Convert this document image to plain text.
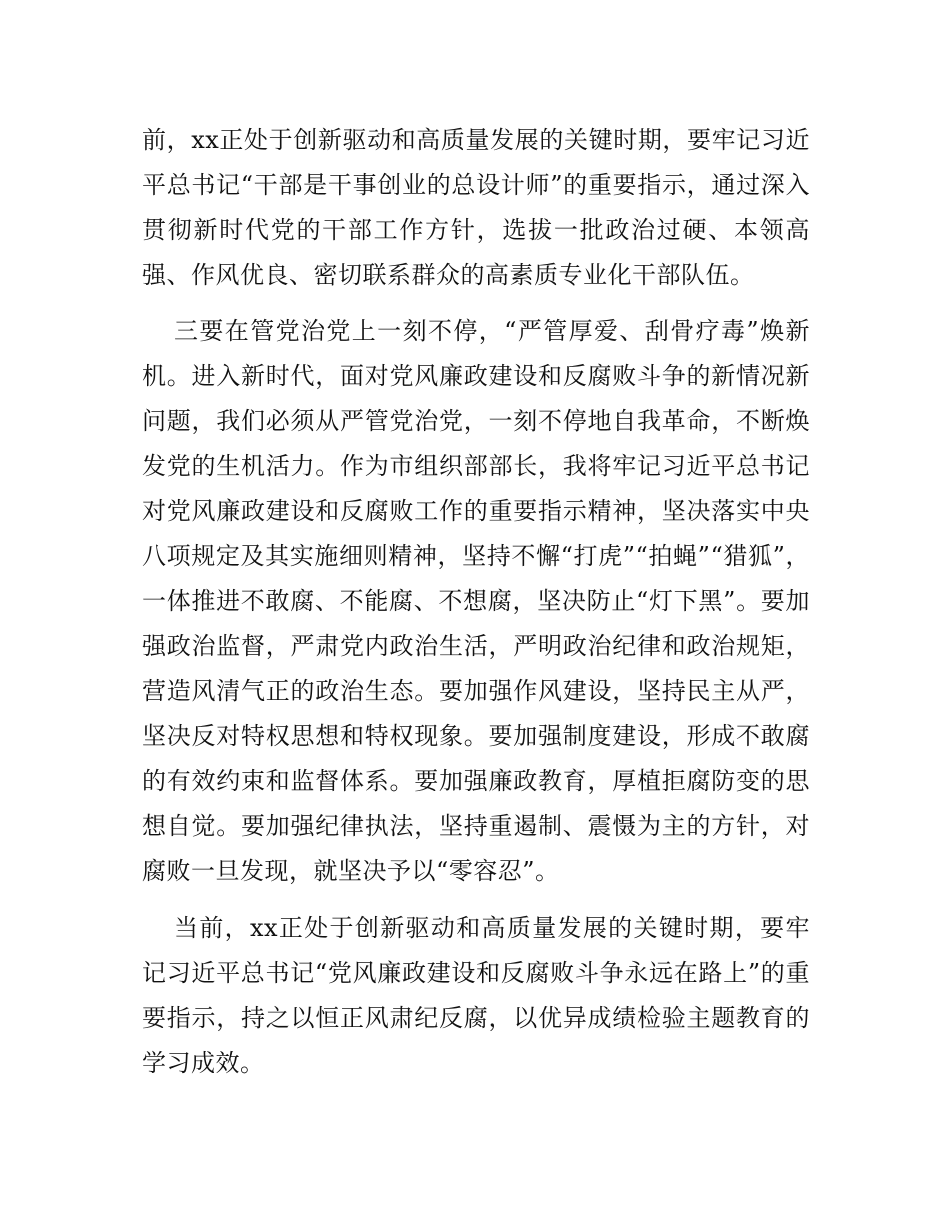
前，xx正处于创新驱动和高质量发展的关键时期，要牢记习近平总书记“干部是干事创业的总设计师”的重要指示，通过深入贯彻新时代党的干部工作方针，选拔一批政治过硬、本领高强、作风优良、密切联系群众的高素质专业化干部队伍。

三要在管党治党上一刻不停，“严管厚爱、刮骨疗毒”焕新机。进入新时代，面对党风廉政建设和反腐败斗争的新情况新问题，我们必须从严管党治党，一刻不停地自我革命，不断焕发党的生机活力。作为市组织部部长，我将牢记习近平总书记对党风廉政建设和反腐败工作的重要指示精神，坚决落实中央八项规定及其实施细则精神，坚持不懈“打虎”“拍蝇”“猎狐”，一体推进不敢腐、不能腐、不想腐，坚决防止“灯下黑”。要加强政治监督，严肃党内政治生活，严明政治纪律和政治规矩，营造风清气正的政治生态。要加强作风建设，坚持民主从严，坚决反对特权思想和特权现象。要加强制度建设，形成不敢腐的有效约束和监督体系。要加强廉政教育，厚植拒腐防变的思想自觉。要加强纪律执法，坚持重遏制、震慑为主的方针，对腐败一旦发现，就坚决予以“零容忍”。

当前，xx正处于创新驱动和高质量发展的关键时期，要牢记习近平总书记“党风廉政建设和反腐败斗争永远在路上”的重要指示，持之以恒正风肃纪反腐，以优异成绩检验主题教育的学习成效。
